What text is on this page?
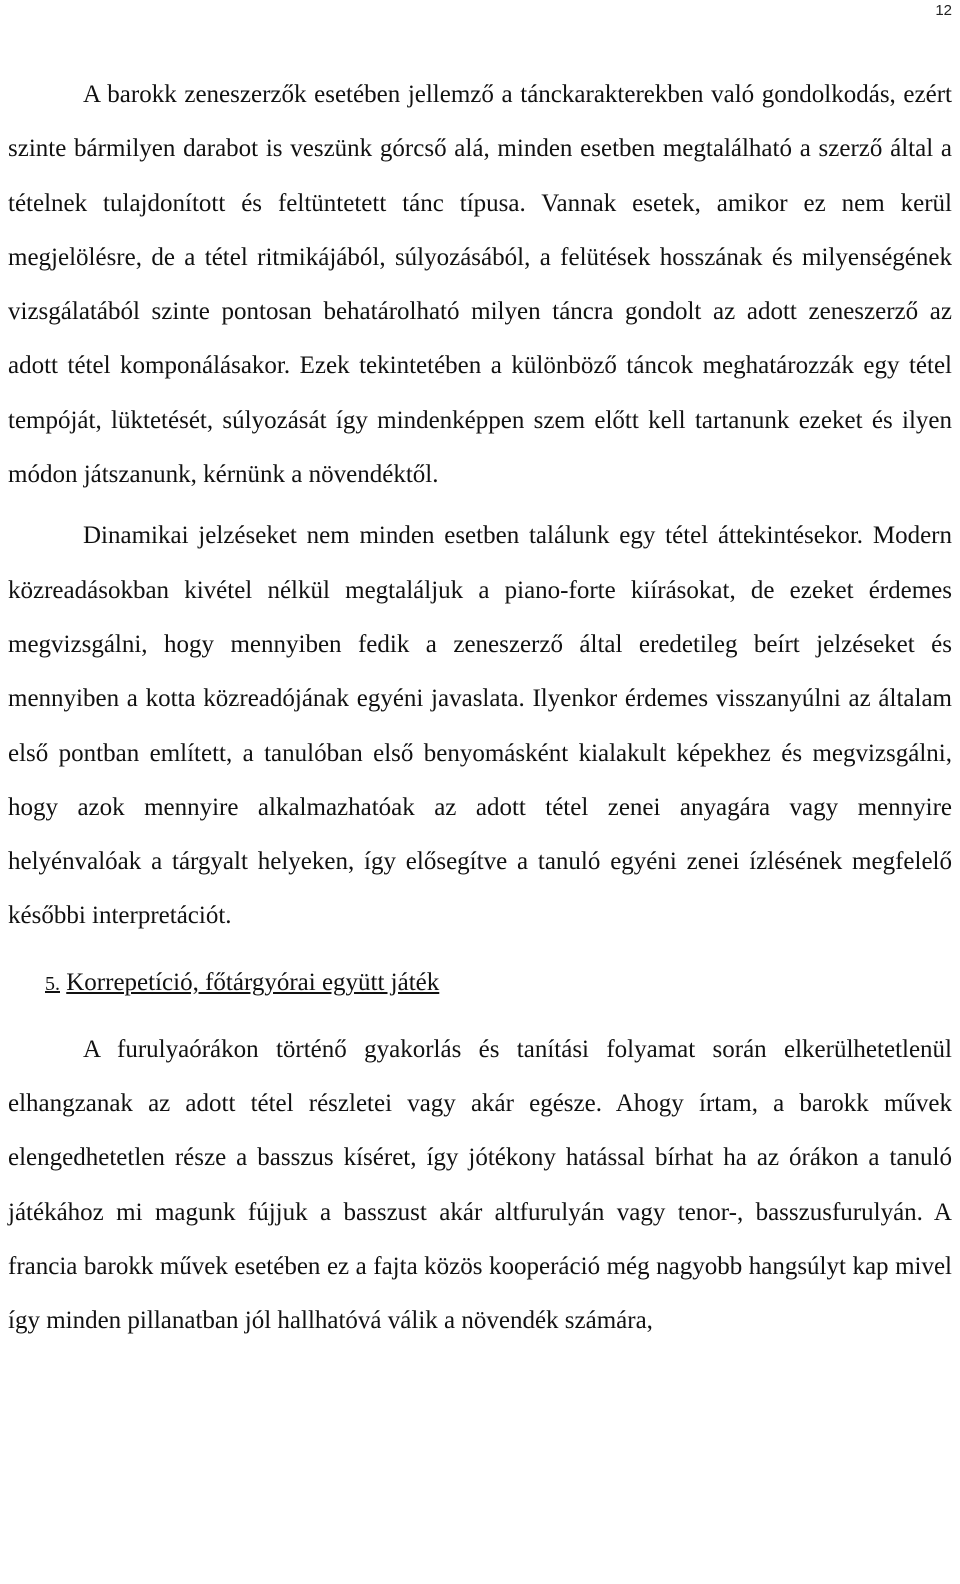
12

A barokk zeneszerzők esetében jellemző a tánckarakterekben való gondolkodás, ezért szinte bármilyen darabot is veszünk górcső alá, minden esetben megtalálható a szerző által a tételnek tulajdonított és feltüntetett tánc típusa. Vannak esetek, amikor ez nem kerül megjelölésre, de a tétel ritmikájából, súlyozásából, a felütések hosszának és milyenségének vizsgálatából szinte pontosan behatárolható milyen táncra gondolt az adott zeneszerző az adott tétel komponálásakor. Ezek tekintetében a különböző táncok meghatározzák egy tétel tempóját, lüktetését, súlyozását így mindenképpen szem előtt kell tartanunk ezeket és ilyen módon játszanunk, kérnünk a növendéktől.

Dinamikai jelzéseket nem minden esetben találunk egy tétel áttekintésekor. Modern közreadásokban kivétel nélkül megtaláljuk a piano-forte kiírásokat, de ezeket érdemes megvizsgálni, hogy mennyiben fedik a zeneszerző által eredetileg beírt jelzéseket és mennyiben a kotta közreadójának egyéni javaslata. Ilyenkor érdemes visszanyúlni az általam első pontban említett, a tanulóban első benyomásként kialakult képekhez és megvizsgálni, hogy azok mennyire alkalmazhatóak az adott tétel zenei anyagára vagy mennyire helyénvalóak a tárgyalt helyeken, így elősegítve a tanuló egyéni zenei ízlésének megfelelő későbbi interpretációt.

5. Korrepetíció, főtárgyórai együtt játék

A furulyaórákon történő gyakorlás és tanítási folyamat során elkerülhetetlenül elhangzanak az adott tétel részletei vagy akár egésze. Ahogy írtam, a barokk művek elengedhetetlen része a basszus kíséret, így jótékony hatással bírhat ha az órákon a tanuló játékához mi magunk fújjuk a basszust akár altfurulyán vagy tenor-, basszusfurulyán. A francia barokk művek esetében ez a fajta közös kooperáció még nagyobb hangsúlyt kap mivel így minden pillanatban jól hallhatóvá válik a növendék számára,
